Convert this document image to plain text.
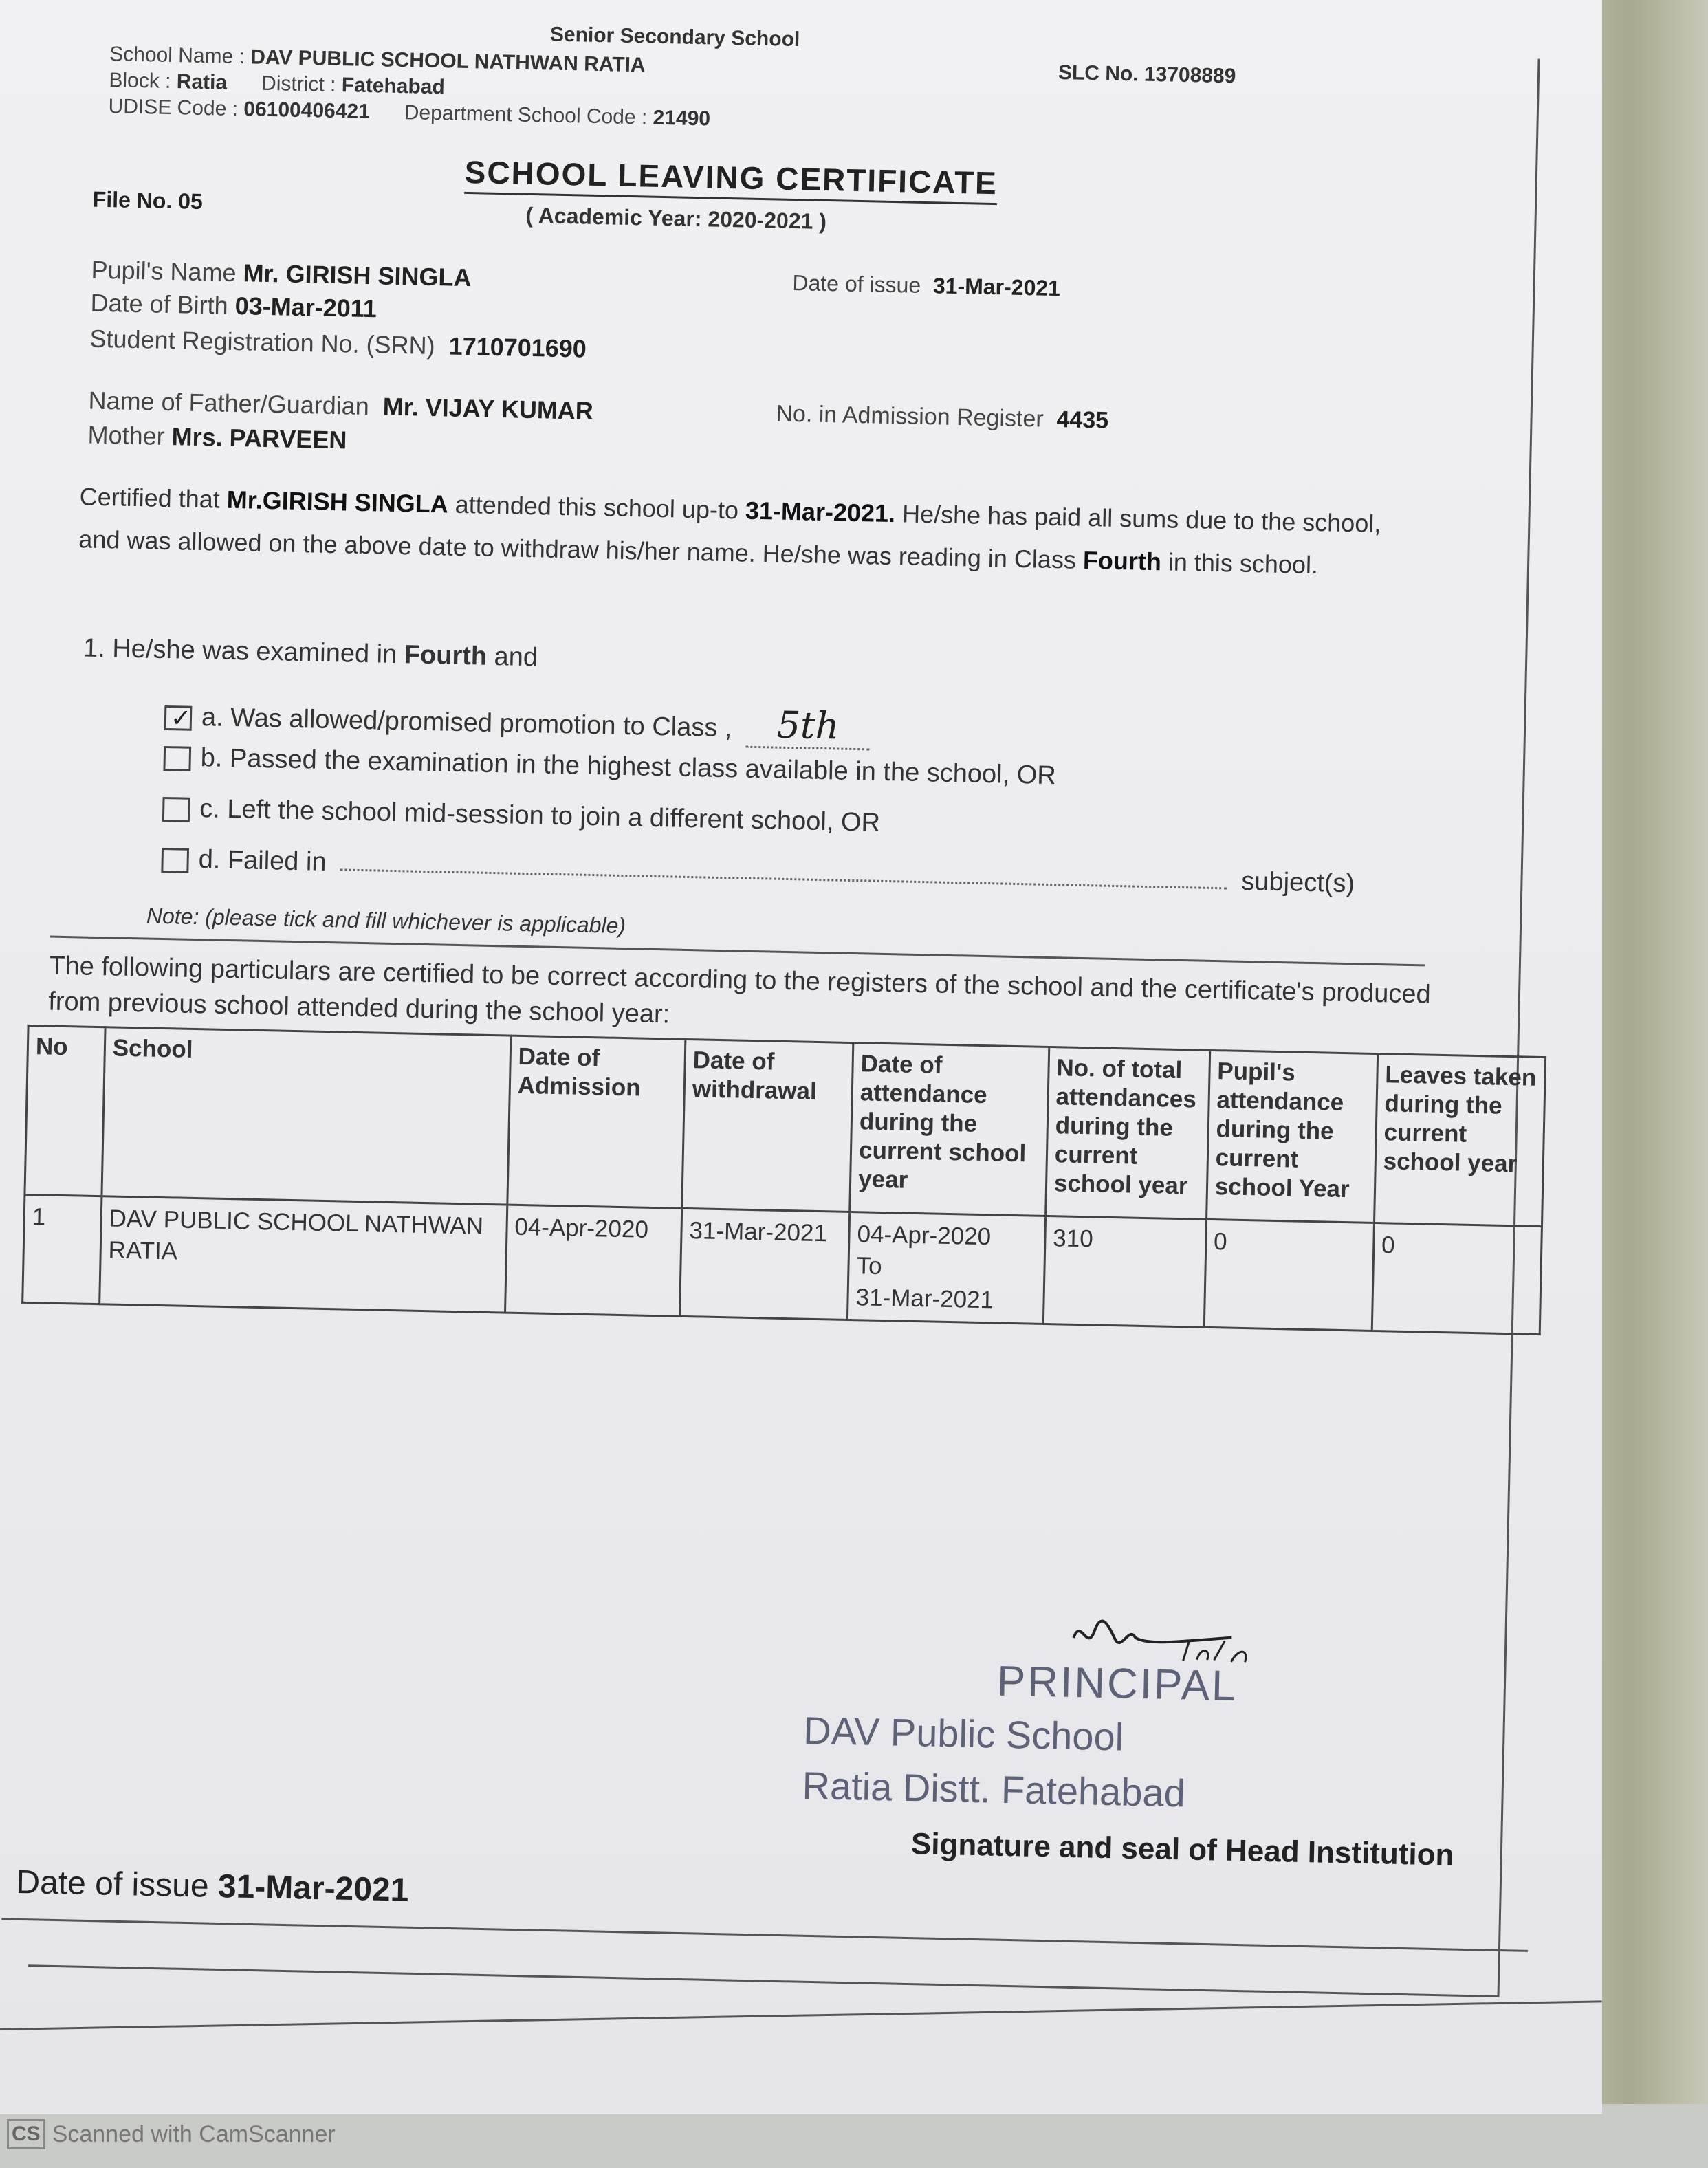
School Name : DAV PUBLIC SCHOOL NATHWAN RATIA
Senior Secondary School
SLC No. 13708889
Block : Ratia District : Fatehabad
UDISE Code : 06100406421 Department School Code : 21490
SCHOOL LEAVING CERTIFICATE
( Academic Year: 2020-2021 )
File No. 05
Pupil's Name Mr. GIRISH SINGLA	Date of issue 31-Mar-2021
Date of Birth 03-Mar-2011
Student Registration No. (SRN) 1710701690
Name of Father/Guardian Mr. VIJAY KUMAR	No. in Admission Register 4435
Mother Mrs. PARVEEN
Certified that Mr.GIRISH SINGLA attended this school up-to 31-Mar-2021. He/she has paid all sums due to the school, and was allowed on the above date to withdraw his/her name. He/she was reading in Class Fourth in this school.
1. He/she was examined in Fourth and
✓ a. Was allowed/promised promotion to Class , 5th
b. Passed the examination in the highest class available in the school, OR
c. Left the school mid-session to join a different school, OR
d. Failed in  subject(s)
Note: (please tick and fill whichever is applicable)
The following particulars are certified to be correct according to the registers of the school and the certificate's produced from previous school attended during the school year:
No	School	Date of Admission	Date of withdrawal	Date of attendance during the current school year	No. of total attendances during the current school year	Pupil's attendance during the current school Year	Leaves taken during the current school year
1	DAV PUBLIC SCHOOL NATHWAN RATIA	04-Apr-2020	31-Mar-2021	04-Apr-2020
To
31-Mar-2021	310	0	0
PRINCIPAL
DAV Public School
Ratia Distt. Fatehabad
Signature and seal of Head Institution
Date of issue 31-Mar-2021
CS Scanned with CamScanner
